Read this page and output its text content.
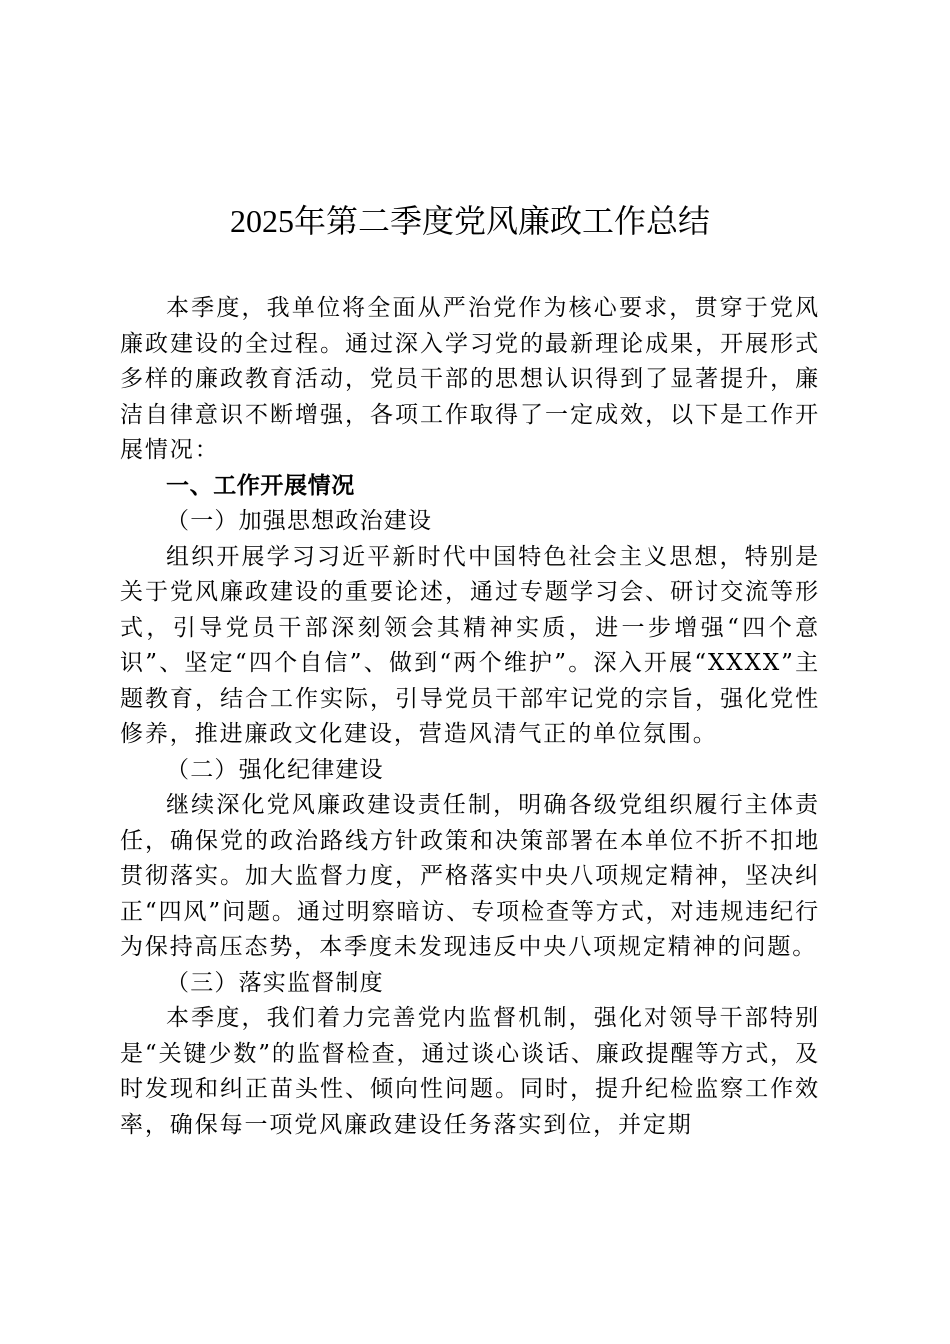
2025年第二季度党风廉政工作总结

本季度，我单位将全面从严治党作为核心要求，贯穿于党风廉政建设的全过程。通过深入学习党的最新理论成果，开展形式多样的廉政教育活动，党员干部的思想认识得到了显著提升，廉洁自律意识不断增强，各项工作取得了一定成效，以下是工作开展情况：

一、工作开展情况

（一）加强思想政治建设

组织开展学习习近平新时代中国特色社会主义思想，特别是关于党风廉政建设的重要论述，通过专题学习会、研讨交流等形式，引导党员干部深刻领会其精神实质，进一步增强“四个意识”、坚定“四个自信”、做到“两个维护”。深入开展“XXXX”主题教育，结合工作实际，引导党员干部牢记党的宗旨，强化党性修养，推进廉政文化建设，营造风清气正的单位氛围。

（二）强化纪律建设

继续深化党风廉政建设责任制，明确各级党组织履行主体责任，确保党的政治路线方针政策和决策部署在本单位不折不扣地贯彻落实。加大监督力度，严格落实中央八项规定精神，坚决纠正“四风”问题。通过明察暗访、专项检查等方式，对违规违纪行为保持高压态势，本季度未发现违反中央八项规定精神的问题。

（三）落实监督制度

本季度，我们着力完善党内监督机制，强化对领导干部特别是“关键少数”的监督检查，通过谈心谈话、廉政提醒等方式，及时发现和纠正苗头性、倾向性问题。同时，提升纪检监察工作效率，确保每一项党风廉政建设任务落实到位，并定期
